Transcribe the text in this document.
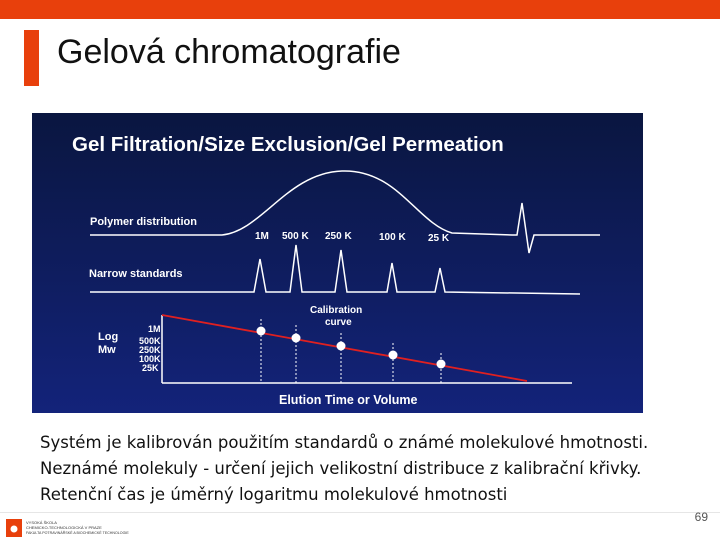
Gelová chromatografie
Gel Filtration/Size Exclusion/Gel Permeation
Polymer distribution
1M 500 K 250 K	100 K 25 K
Narrow standards
Calibration
curve
Log
Mw
1M
500K
250K
100K
25K
Elution Time or Volume
Systém je kalibrován použitím standardů o známé molekulové hmotnosti.
Neznámé molekuly - určení jejich velikostní distribuce z kalibrační křivky.
Retenční čas je úměrný logaritmu molekulové hmotnosti
VYSOKÁ ŠKOLA
CHEMICKO-TECHNOLOGICKÁ V PRAZE
FAKULTA POTRAVINÁŘSKÉ A BIOCHEMICKÉ TECHNOLOGIE
69
